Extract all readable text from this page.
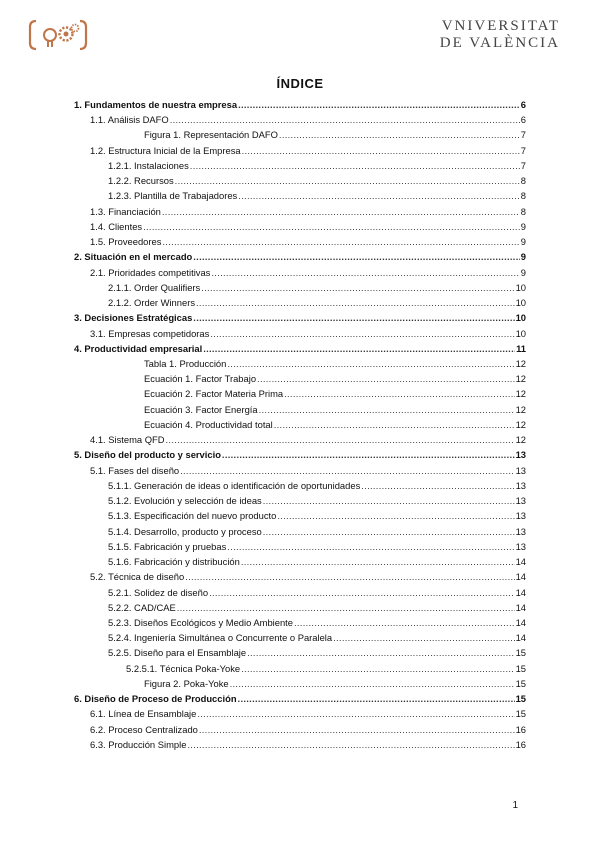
VNIVERSITAT
DE VALÈNCIA
ÍNDICE
1. Fundamentos de nuestra empresa .....	6
1.1. Análisis DAFO .....	6
Figura 1. Representación DAFO .....	7
1.2. Estructura Inicial de la Empresa .....	7
1.2.1. Instalaciones .....	7
1.2.2. Recursos .....	8
1.2.3. Plantilla de Trabajadores .....	8
1.3. Financiación .....	8
1.4. Clientes .....	9
1.5. Proveedores .....	9
2. Situación en el mercado .....	9
2.1. Prioridades competitivas .....	9
2.1.1. Order Qualifiers .....	10
2.1.2. Order Winners .....	10
3. Decisiones Estratégicas .....	10
3.1. Empresas competidoras .....	10
4. Productividad empresarial .....	11
Tabla 1. Producción .....	12
Ecuación 1. Factor Trabajo .....	12
Ecuación 2. Factor Materia Prima .....	12
Ecuación 3. Factor Energía .....	12
Ecuación 4. Productividad total .....	12
4.1. Sistema QFD .....	12
5. Diseño del producto y servicio .....	13
5.1. Fases del diseño .....	13
5.1.1. Generación de ideas o identificación de oportunidades .....	13
5.1.2. Evolución y selección de ideas .....	13
5.1.3. Especificación del nuevo producto .....	13
5.1.4. Desarrollo, producto y proceso .....	13
5.1.5. Fabricación y pruebas .....	13
5.1.6. Fabricación y distribución .....	14
5.2. Técnica de diseño .....	14
5.2.1. Solidez de diseño .....	14
5.2.2. CAD/CAE .....	14
5.2.3. Diseños Ecológicos y Medio Ambiente .....	14
5.2.4. Ingeniería Simultánea o Concurrente o Paralela .....	14
5.2.5. Diseño para el Ensamblaje .....	15
5.2.5.1. Técnica Poka-Yoke .....	15
Figura 2. Poka-Yoke .....	15
6. Diseño de Proceso de Producción .....	15
6.1. Línea de Ensamblaje .....	15
6.2. Proceso Centralizado .....	16
6.3. Producción Simple .....	16
1
